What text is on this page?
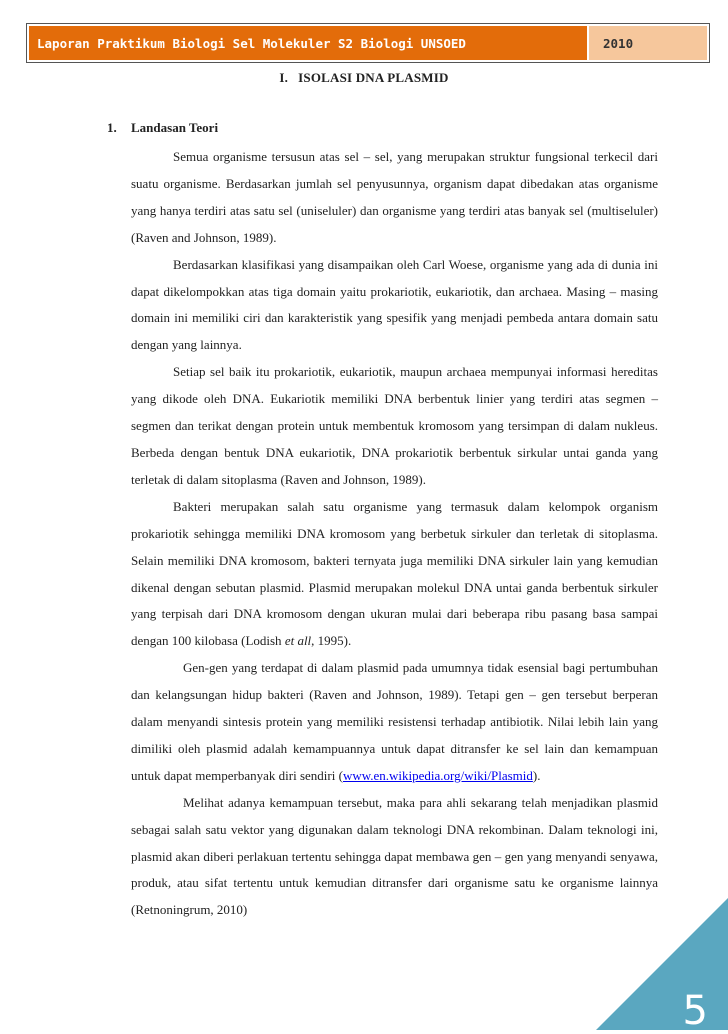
Laporan Praktikum Biologi Sel Molekuler S2 Biologi UNSOED	2010
I. ISOLASI DNA PLASMID
1. Landasan Teori

Semua organisme tersusun atas sel – sel, yang merupakan struktur fungsional terkecil dari suatu organisme. Berdasarkan jumlah sel penyusunnya, organism dapat dibedakan atas organisme yang hanya terdiri atas satu sel (uniseluler) dan organisme yang terdiri atas banyak sel (multiseluler) (Raven and Johnson, 1989).

Berdasarkan klasifikasi yang disampaikan oleh Carl Woese, organisme yang ada di dunia ini dapat dikelompokkan atas tiga domain yaitu prokariotik, eukariotik, dan archaea. Masing – masing domain ini memiliki ciri dan karakteristik yang spesifik yang menjadi pembeda antara domain satu dengan yang lainnya.

Setiap sel baik itu prokariotik, eukariotik, maupun archaea mempunyai informasi hereditas yang dikode oleh DNA. Eukariotik memiliki DNA berbentuk linier yang terdiri atas segmen – segmen dan terikat dengan protein untuk membentuk kromosom yang tersimpan di dalam nukleus. Berbeda dengan bentuk DNA eukariotik, DNA prokariotik berbentuk sirkular untai ganda yang terletak di dalam sitoplasma (Raven and Johnson, 1989).

Bakteri merupakan salah satu organisme yang termasuk dalam kelompok organism prokariotik sehingga memiliki DNA kromosom yang berbetuk sirkuler dan terletak di sitoplasma. Selain memiliki DNA kromosom, bakteri ternyata juga memiliki DNA sirkuler lain yang kemudian dikenal dengan sebutan plasmid. Plasmid merupakan molekul DNA untai ganda berbentuk sirkuler yang terpisah dari DNA kromosom dengan ukuran mulai dari beberapa ribu pasang basa sampai dengan 100 kilobasa (Lodish et all, 1995).

Gen-gen yang terdapat di dalam plasmid pada umumnya tidak esensial bagi pertumbuhan dan kelangsungan hidup bakteri (Raven and Johnson, 1989). Tetapi gen – gen tersebut berperan dalam menyandi sintesis protein yang memiliki resistensi terhadap antibiotik. Nilai lebih lain yang dimiliki oleh plasmid adalah kemampuannya untuk dapat ditransfer ke sel lain dan kemampuan untuk dapat memperbanyak diri sendiri (www.en.wikipedia.org/wiki/Plasmid).

Melihat adanya kemampuan tersebut, maka para ahli sekarang telah menjadikan plasmid sebagai salah satu vektor yang digunakan dalam teknologi DNA rekombinan. Dalam teknologi ini, plasmid akan diberi perlakuan tertentu sehingga dapat membawa gen – gen yang menyandi senyawa, produk, atau sifat tertentu untuk kemudian ditransfer dari organisme satu ke organisme lainnya (Retnoningrum, 2010)

5
